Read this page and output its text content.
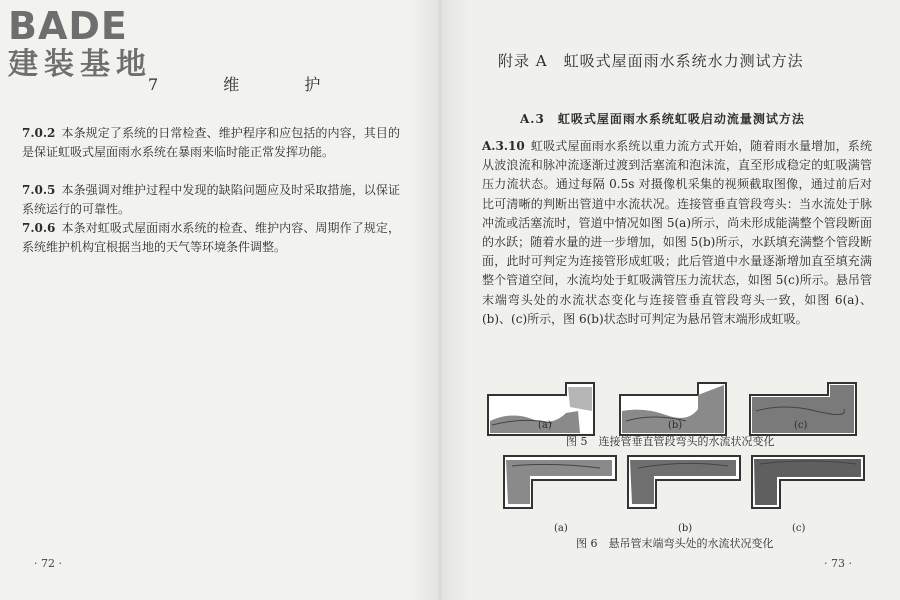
BADE
建装基地
7 维 护

7.0.2 本条规定了系统的日常检查、维护程序和应包括的内容，其目的是保证虹吸式屋面雨水系统在暴雨来临时能正常发挥功能。

7.0.5 本条强调对维护过程中发现的缺陷问题应及时采取措施，以保证系统运行的可靠性。

7.0.6 本条对虹吸式屋面雨水系统的检查、维护内容、周期作了规定，系统维护机构宜根据当地的天气等环境条件调整。

· 72 ·
附录 A　虹吸式屋面雨水系统水力测试方法
A.3　虹吸式屋面雨水系统虹吸启动流量测试方法

A.3.10 虹吸式屋面雨水系统以重力流方式开始，随着雨水量增加，系统从波浪流和脉冲流逐渐过渡到活塞流和泡沫流，直至形成稳定的虹吸满管压力流状态。通过每隔 0.5s 对摄像机采集的视频截取图像，通过前后对比可清晰的判断出管道中水流状况。连接管垂直管段弯头：当水流处于脉冲流或活塞流时，管道中情况如图 5(a)所示，尚未形成能满整个管段断面的水跃；随着水量的进一步增加，如图 5(b)所示，水跃填充满整个管段断面，此时可判定为连接管形成虹吸；此后管道中水量逐渐增加直至填充满整个管道空间，水流均处于虹吸满管压力流状态，如图 5(c)所示。悬吊管末端弯头处的水流状态变化与连接管垂直管段弯头一致，如图 6(a)、(b)、(c)所示，图 6(b)状态时可判定为悬吊管末端形成虹吸。

(a)	(b)	(c)
图 5　连接管垂直管段弯头的水流状况变化
(a)	(b)	(c)
图 6　悬吊管末端弯头处的水流状况变化
· 73 ·
